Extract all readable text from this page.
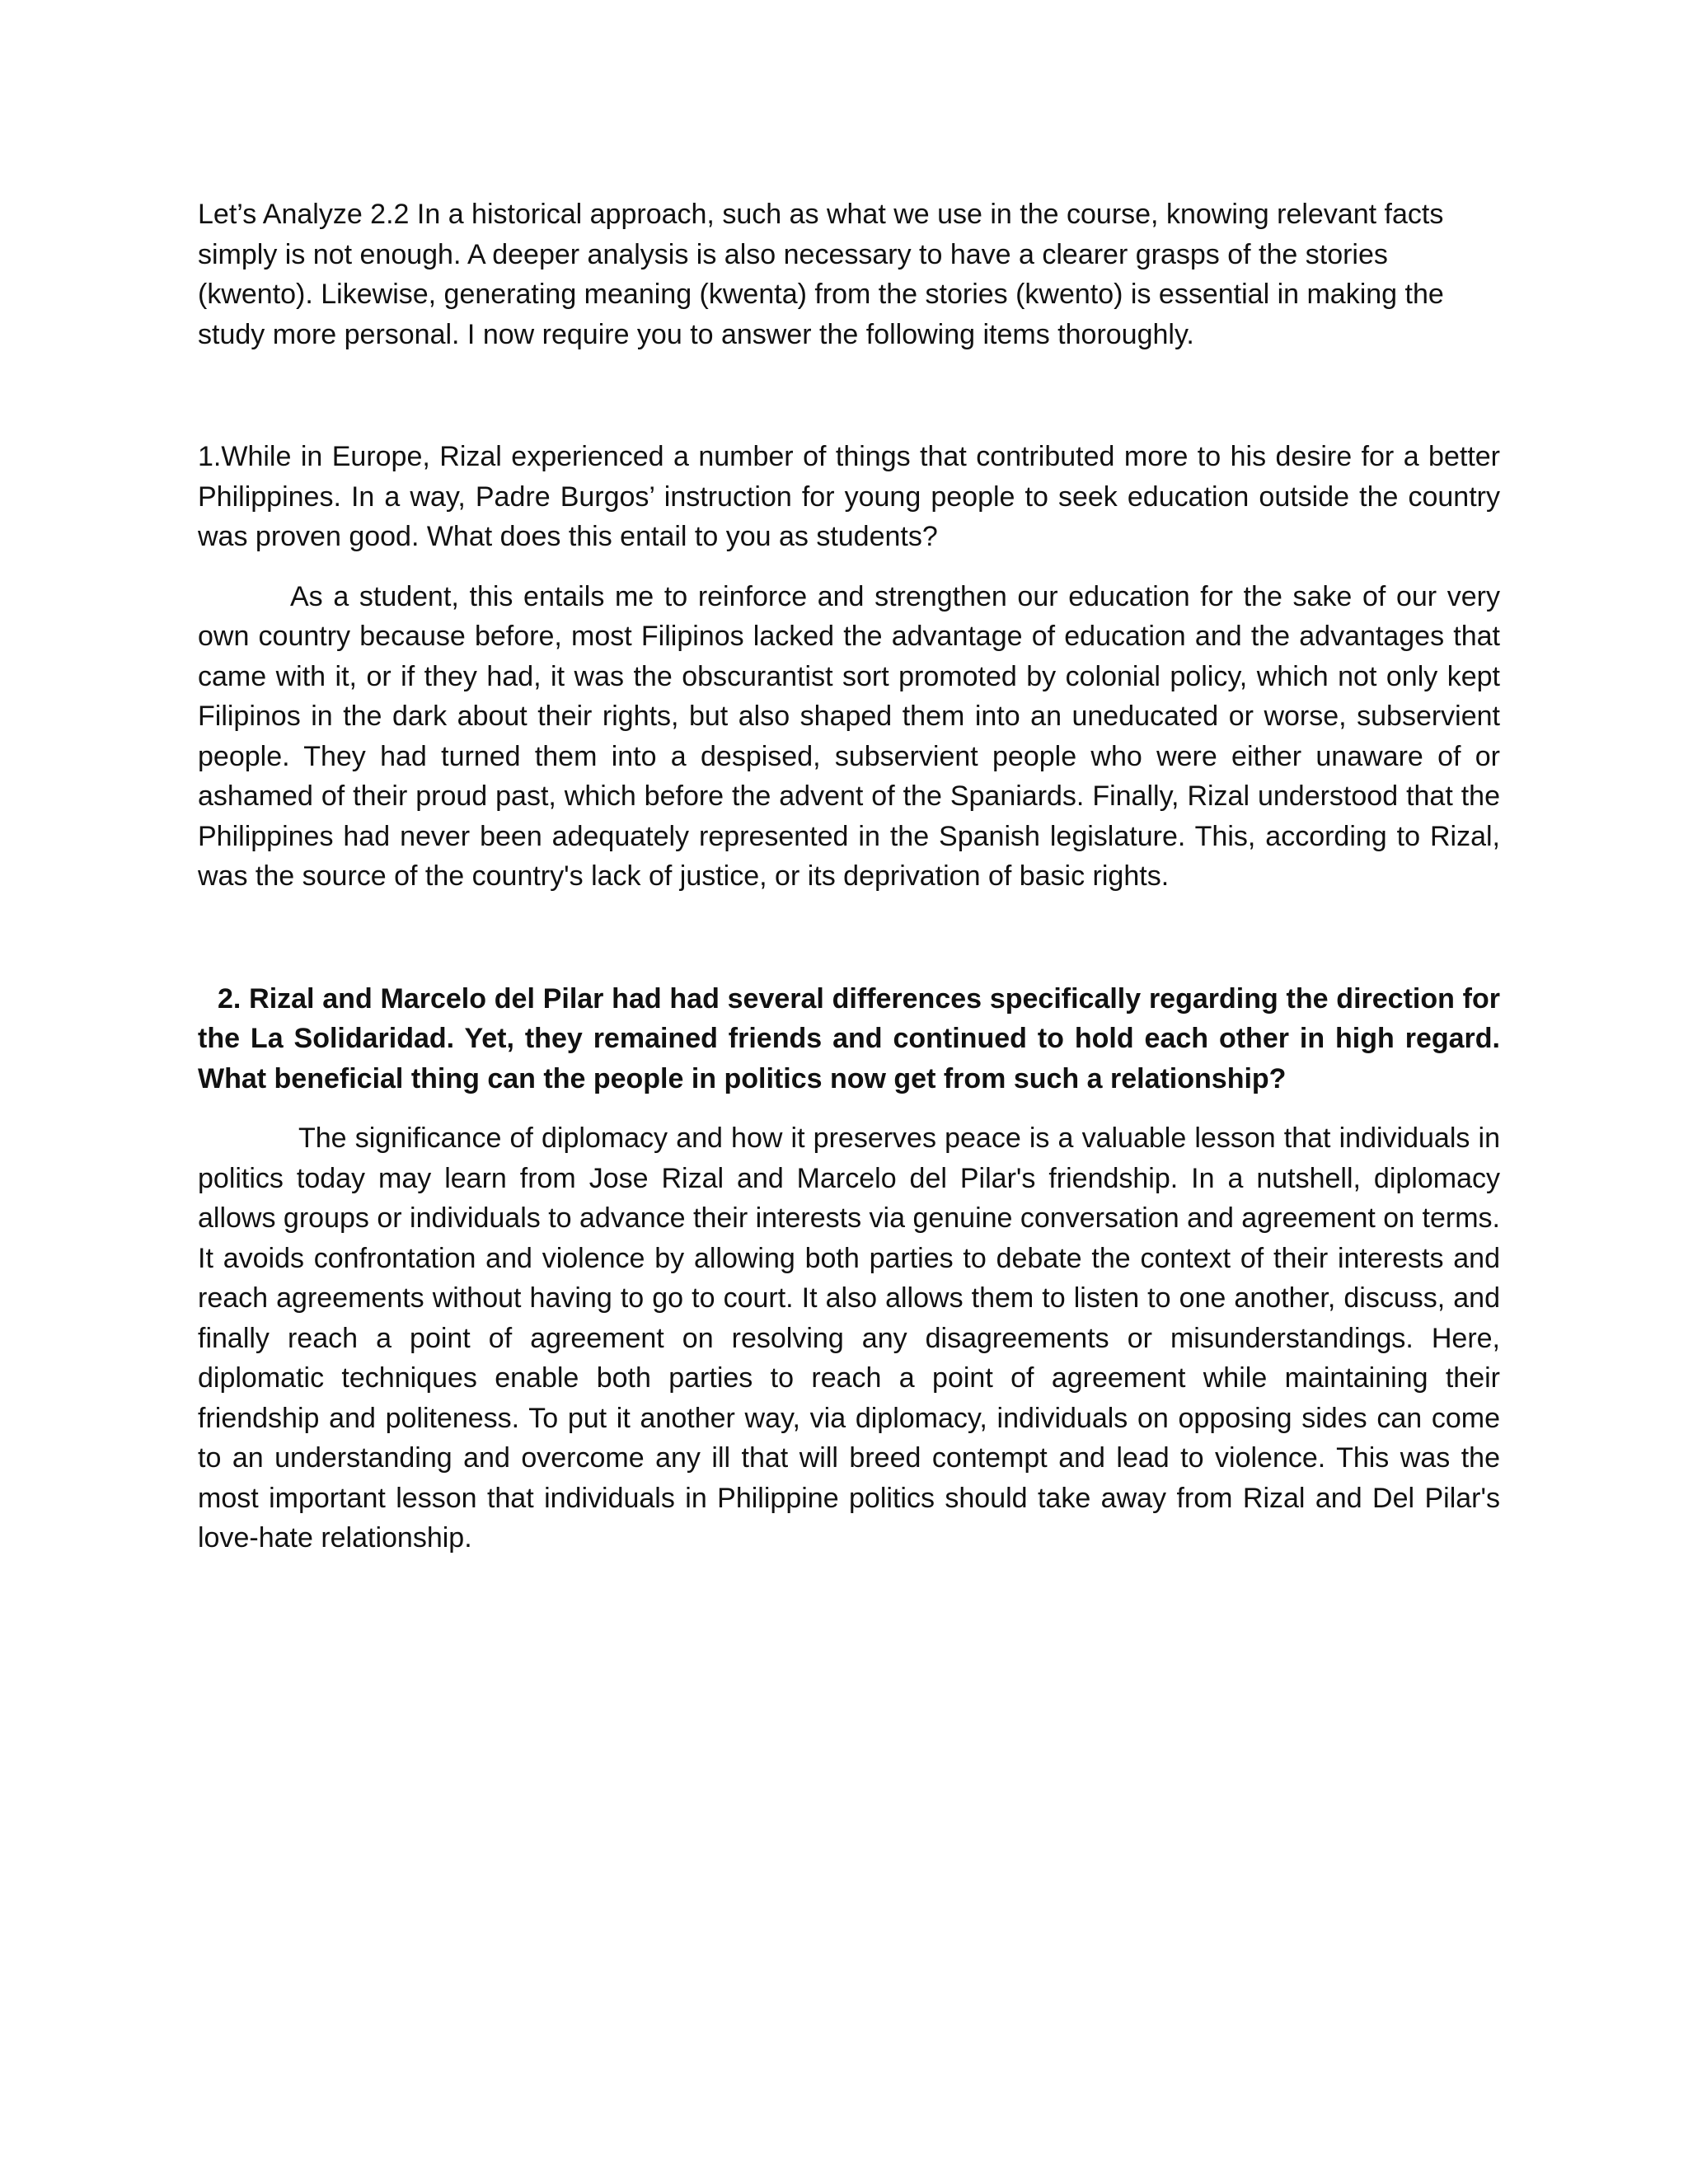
Let’s Analyze 2.2 In a historical approach, such as what we use in the course, knowing relevant facts simply is not enough. A deeper analysis is also necessary to have a clearer grasps of the stories (kwento). Likewise, generating meaning (kwenta) from the stories (kwento) is essential in making the study more personal. I now require you to answer the following items thoroughly.

1.While in Europe, Rizal experienced a number of things that contributed more to his desire for a better Philippines. In a way, Padre Burgos’ instruction for young people to seek education outside the country was proven good. What does this entail to you as students?

As a student, this entails me to reinforce and strengthen our education for the sake of our very own country because before, most Filipinos lacked the advantage of education and the advantages that came with it, or if they had, it was the obscurantist sort promoted by colonial policy, which not only kept Filipinos in the dark about their rights, but also shaped them into an uneducated or worse, subservient people. They had turned them into a despised, subservient people who were either unaware of or ashamed of their proud past, which before the advent of the Spaniards. Finally, Rizal understood that the Philippines had never been adequately represented in the Spanish legislature. This, according to Rizal, was the source of the country's lack of justice, or its deprivation of basic rights.

2. Rizal and Marcelo del Pilar had had several differences specifically regarding the direction for the La Solidaridad. Yet, they remained friends and continued to hold each other in high regard. What beneficial thing can the people in politics now get from such a relationship?

The significance of diplomacy and how it preserves peace is a valuable lesson that individuals in politics today may learn from Jose Rizal and Marcelo del Pilar's friendship. In a nutshell, diplomacy allows groups or individuals to advance their interests via genuine conversation and agreement on terms. It avoids confrontation and violence by allowing both parties to debate the context of their interests and reach agreements without having to go to court. It also allows them to listen to one another, discuss, and finally reach a point of agreement on resolving any disagreements or misunderstandings. Here, diplomatic techniques enable both parties to reach a point of agreement while maintaining their friendship and politeness. To put it another way, via diplomacy, individuals on opposing sides can come to an understanding and overcome any ill that will breed contempt and lead to violence. This was the most important lesson that individuals in Philippine politics should take away from Rizal and Del Pilar's love-hate relationship.
